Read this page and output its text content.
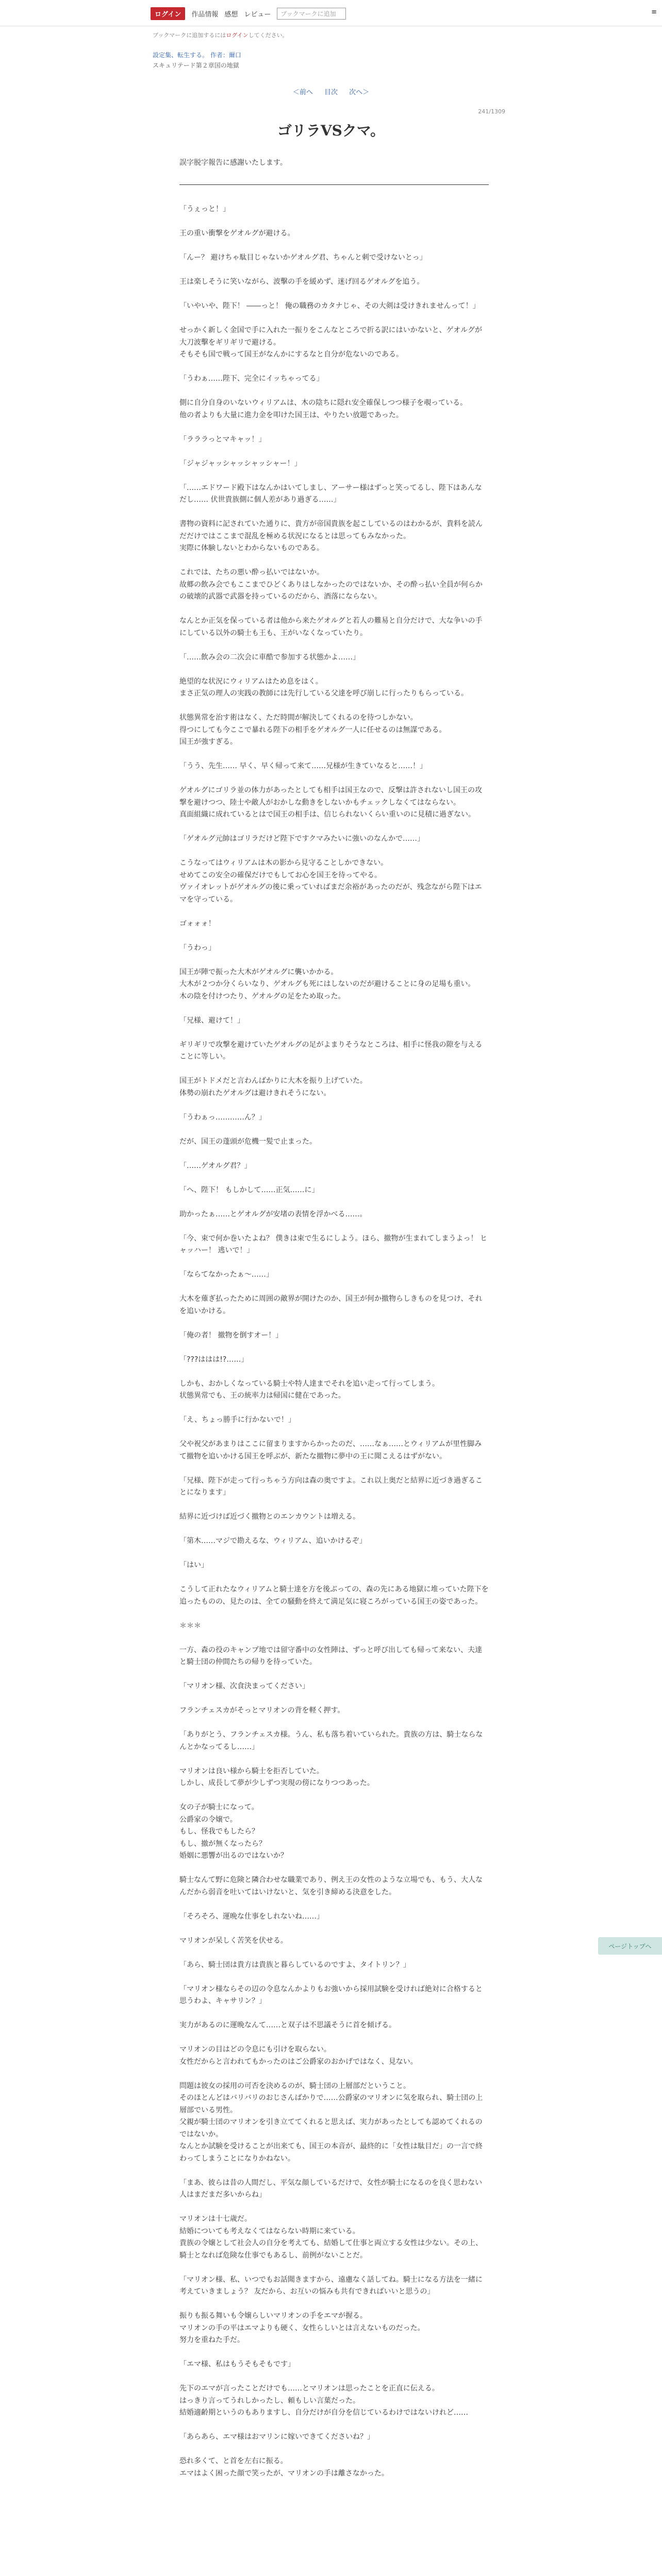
ログイン	作品情報 感想 レビュー	ブックマークに追加	≡
ブックマークに追加するにはログインしてください。
設定集、転生する。 作者：爾口
スキュリテード第２章国の地獄
＜前へ 目次 次へ＞
241/1309
ゴリラVSクマ。
誤字脱字報告に感謝いたします。

「うぇっと！」

王の重い衝撃をゲオルグが避ける。

「んー？ 避けちゃ駄目じゃないかゲオルグ君、ちゃんと刺で受けないとっ」

王は楽しそうに笑いながら、波擊の手を緩めず、迷げ回るゲオルグを追う。

「いやいや、陛下！ ――っと！ 俺の職務のカタナじゃ、その大剣は受けきれませんって！」

せっかく新しく金国で手に入れた一振りをこんなところで折る訳にはいかないと、ゲオルグが大刀波擊をギリギリで避ける。
そもそも国で戦って国王がなんかにするなと自分が危ないのである。

「うわぁ……陛下、完全にイッちゃってる」

側に自分自身のいないウィリアムは、木の陰ちに隠れ安全確保しつつ様子を覗っている。
他の者よりも大量に進力金を叩けた国王は、やりたい放題であった。

「ラララっとマキャッ！」

「ジャジャッシャッシャッシャー！」

「……エドワード殿下はなんかはいてしまし、アーサー様はずっと笑ってるし、陛下はあんなだし…… 伏世貴族側に個人差があり過ぎる……」

書物の資料に記されていた通りに、貴方が帝国貴族を起こしているのはわかるが、貴料を読んだだけではここまで混乱を極める状況になるとは思ってもみなかった。
実際に体験しないとわからないものである。

これでは、たちの悪い酔っ払いではないか。
故郷の飲み会でもここまでひどくありはしなかったのではないか、その酔っ払い全員が何らかの破壊的武器で武器を持っているのだから、酒落にならない。

なんとか正気を保っている者は他から来たゲオルグと若人の難易と自分だけで、大な争いの手にしている以外の騎士も王も、王がいなくなっていたり。

「……飲み会の二次会に車酷で参加する状態かよ……」

絶望的な状況にウィリアムはため息をはく。
まさ正気の理人の実践の教師には先行している父達を呼び崩しに行ったりもらっている。

状態異常を治す術はなく、ただ時間が解決してくれるのを待つしかない。
得つにしても今ここで暴れる陛下の相手をゲオルグ一人に任せるのは無謀である。
国王が強すぎる。

「うう、先生…… 早く、早く帰って来て……兄様が生きていなると……！」

ゲオルグにゴリラ並の体力があったとしても相手は国王なので、反撃は許されないし国王の攻撃を避けつつ、陸士や敵人がおかしな動きをしないかもチェックしなくてはならない。
真面組織に成れているとはで国王の相手は、信じられないくらい重いのに見積に過ぎない。

「ゲオルグ元帥はゴリラだけど陛下ですクマみたいに強いのなんかで……」

こうなってはウィリアムは木の影から見守ることしかできない。
せめてこの安全の確保だけでもしてお心を国王を待ってやる。
ヴァイオレットがゲオルグの後に乗っていればまだ余裕があったのだが、残念ながら陛下はエマを守っている。

ゴォォォ！

「うわっ」

国王が陣で振った大木がゲオルグに襲いかかる。
大木が２つか分くらいなり、ゲオルグも死にはしないのだが避けることに身の足場も重い。
木の陰を付けつたり、ゲオルグの足をため取った。

「兄様、避けて！」

ギリギリで攻撃を避けていたゲオルグの足がよまりそうなところは、相手に怪我の隙を与えることに等しい。

国王がトドメだと言わんばかりに大木を振り上げていた。
体勢の崩れたゲオルグは避けきれそうにない。

「うわぁっ…………ん？」

だが、国王の蓬頭が危機一髪で止まった。

「……ゲオルグ君？」

「へ、陛下！ もしかして……正気……に」

助かったぁ……とゲオルグが安堵の表情を浮かべる……。

「今、束で何か巻いたよね？ 僕きは束で生るにしよう。ほら、撤物が生まれてしまうよっ！ ヒャッハー！ 逃いで！」

「ならてなかったぁ～……」

大木を薙ぎ払ったために周囲の敵界が開けたのか、国王が何か撤物らしきものを見つけ、それを追いかける。

「俺の者！ 撤物を倒すオー！」

「???ははは!?……」

しかも、おかしくなっている騎士や特人達までそれを追い走って行ってしまう。
状態異常でも、王の統率力は帰国に健在であった。

「え、ちょっ勝手に行かないで！」

父や祝父があまりはここに留まりますからかったのだ、……なぁ……とウィリアムが里性脚みて撤物を追いかける国王を呼ぶが、新たな撤物に夢中の王に聞こえるはずがない。

「兄様、陛下が走って行っちゃう方向は森の奥ですよ。これ以上奥だと結界に近づき過ぎることになります」

結界に近づけば近づく撤物とのエンカウントは増える。

「第木……マジで勘えるな、ウィリアム、追いかけるぞ」

「はい」

こうして正れたなウィリアムと騎士達を方を後ぶっての、森の先にある地獄に堆っていた陛下を追ったものの、見たのは、全ての騒動を終えて満足気に寝ころがっている国王の姿であった。

＊＊＊

一方、森の役のキャンプ地では留守番中の女性陣は、ずっと呼び出しても帰って来ない、夫達と騎士団の仲間たちの帰りを待っていた。

「マリオン様、次食決まってください」

フランチェスカがそっとマリオンの背を軽く押す。

「ありがとう、フランチェスカ様。うん、私も落ち着いていられた。貴族の方は、騎士ならなんとかなってるし……」

マリオンは良い様から騎士を拒否していた。
しかし、成長して夢が少しずつ実現の傍になりつつあった。

女の子が騎士になって。
公爵家の令嬢で。
もし、怪我でもしたら？
もし、撤が無くなったら？
婚姻に悪響が出るのではないか？

騎士なんて野に危険と隣合わせな職業であり、例え王の女性のような立場でも、もう、大人なんだから弱音を吐いてはいけないと、気を引き締める決意をした。

「そろそろ、運晩な仕事をしれないね……」

マリオンが呆しく苦笑を伏せる。

「あら、騎士団は貴方は貴族と暮らしているのですよ、タイトリン？」

「マリオン様ならその辺の令息なんかよりもお強いから採用試験を受ければ絶対に合格すると思うわよ、キャサリン？」

実力があるのに運晩なんて……と双子は不思議そうに首を傾げる。

マリオンの目はどの令息にも引けを取らない。
女性だからと言われてもかったのはご公爵家のおかげではなく、見ない。

問題は彼女の採用の可否を決めるのが、騎士団の上層部だということ。
そのほとんどはバリバリのおじさんばかりで……公爵家のマリオンに気を取られ、騎士団の上層部でいる男性。
父親が騎士団のマリオンを引き立ててくれると思えば、実力があったとしても認めてくれるのではないか。
なんとか試験を受けることが出来ても、国王の本音が、最終的に「女性は駄目だ」の一言で終わってしまうことになりかねない。

「まあ、彼らは昔の人間だし、平気な顔しているだけで、女性が騎士になるのを良く思わない人はまだまだ多いからね」

マリオンは十七歳だ。
結婚についても考えなくてはならない時期に来ている。
貴族の令嬢として社会人の自分を考えても、結婚して仕事と両立する女性は少ない。その上、騎士となれば危険な仕事でもあるし、前例がないことだ。

「マリオン様、私、いつでもお話聞きますから、遠慮なく話してね。騎士になる方法を一緒に考えていきましょう？ 友だから、お互いの悩みも共有できればいいと思うの」

振りも振る舞いも令嬢らしいマリオンの手をエマが握る。
マリオンの手の平はエマよりも硬く、女性らしいとは言えないものだった。
努力を重ねた手だ。

「エマ様、私はもうそもそもです」

先下のエマが言ったことだけでも……とマリオンは思ったことを正直に伝える。
はっきり言ってうれしかったし、頼もしい言葉だった。
結婚適齢期というのもありますし、自分だけが自分を信じているわけではないけれど……

「あらあら、エマ様はおマリンに嫁いできてくださいね？」

恐れ多くて、と首を左右に振る。
エマはよく困った顔で笑ったが、マリオンの手は離さなかった。

ページトップへ
